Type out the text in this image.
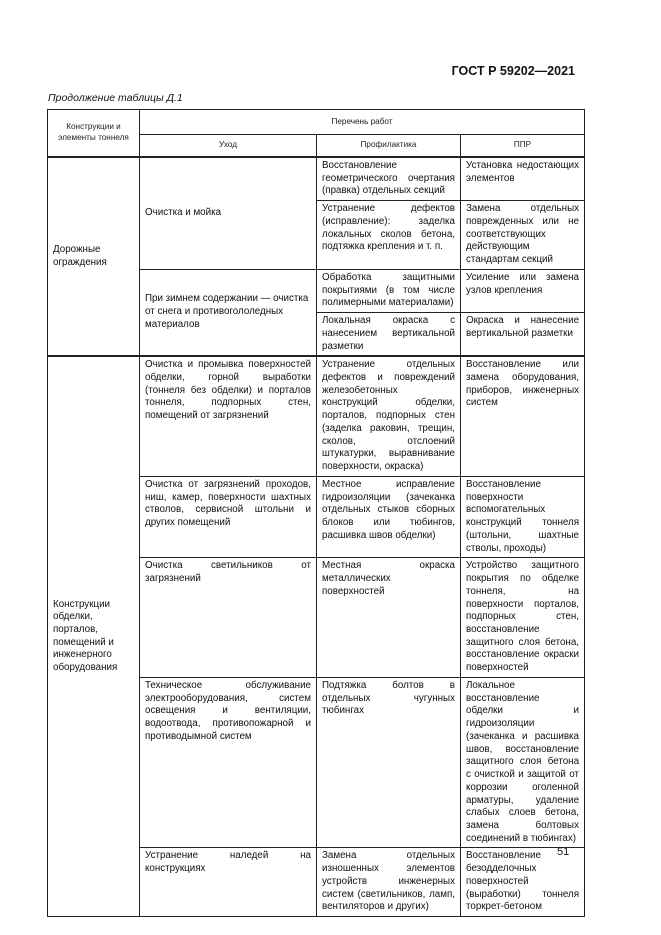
ГОСТ Р 59202—2021
Продолжение таблицы Д.1
Конструкции и элементы тоннеля	Перечень работ		
	Уход	Профилактика	ППР
Дорожные ограждения	Очистка и мойка	Восстановление геометрического очертания (правка) отдельных секций	Установка недостающих элементов
		Устранение дефектов (исправление): заделка локальных сколов бетона, подтяжка крепления и т. п.	Замена отдельных поврежденных или не соответствующих действующим стандартам секций
	При зимнем содержании — очистка от снега и противогололедных материалов	Обработка защитными покрытиями (в том числе полимерными материалами)	Усиление или замена узлов крепления
		Локальная окраска с нанесением вертикальной разметки	Окраска и нанесение вертикальной разметки
Конструкции обделки, порталов, помещений и инженерного оборудования	Очистка и промывка поверхностей обделки, горной выработки (тоннеля без обделки) и порталов тоннеля, подпорных стен, помещений от загрязнений	Устранение отдельных дефектов и повреждений железобетонных конструкций обделки, порталов, подпорных стен (заделка раковин, трещин, сколов, отслоений штукатурки, выравнивание поверхности, окраска)	Восстановление или замена оборудования, приборов, инженерных систем
	Очистка от загрязнений проходов, ниш, камер, поверхности шахтных стволов, сервисной штольни и других помещений	Местное исправление гидроизоляции (зачеканка отдельных стыков сборных блоков или тюбингов, расшивка швов обделки)	Восстановление поверхности вспомогательных конструкций тоннеля (штольни, шахтные стволы, проходы)
	Очистка светильников от загрязнений	Местная окраска металлических поверхностей	Устройство защитного покрытия по обделке тоннеля, на поверхности порталов, подпорных стен, восстановление защитного слоя бетона, восстановление окраски поверхностей
	Техническое обслуживание электрооборудования, систем освещения и вентиляции, водоотвода, противопожарной и противодымной систем	Подтяжка болтов в отдельных чугунных тюбингах	Локальное восстановление обделки и гидроизоляции (зачеканка и расшивка швов, восстановление защитного слоя бетона с очисткой и защитой от коррозии оголенной арматуры, удаление слабых слоев бетона, замена болтовых соединений в тюбингах)
	Устранение наледей на конструкциях	Замена отдельных изношенных элементов устройств инженерных систем (светильников, ламп, вентиляторов и других)	Восстановление безодделочных поверхностей (выработки) тоннеля торкрет-бетоном
51
